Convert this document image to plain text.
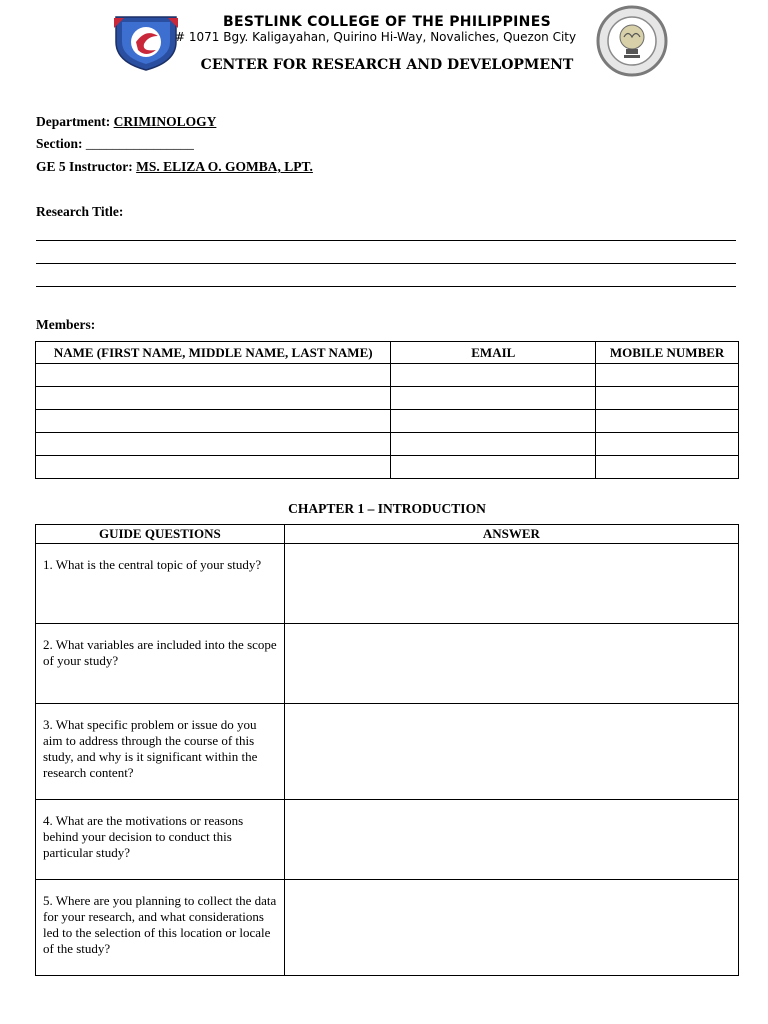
BESTLINK COLLEGE OF THE PHILIPPINES
# 1071 Bgy. Kaligayahan, Quirino Hi-Way, Novaliches, Quezon City
CENTER FOR RESEARCH AND DEVELOPMENT
Department: CRIMINOLOGY
Section: ________________
GE 5 Instructor: MS. ELIZA O. GOMBA, LPT.
Research Title:
Members:
NAME (FIRST NAME, MIDDLE NAME, LAST NAME)	EMAIL	MOBILE NUMBER

CHAPTER 1 – INTRODUCTION
GUIDE QUESTIONS	ANSWER
1. What is the central topic of your study?	
2. What variables are included into the scope of your study?	
3. What specific problem or issue do you aim to address through the course of this study, and why is it significant within the research content?	
4. What are the motivations or reasons behind your decision to conduct this particular study?	
5. Where are you planning to collect the data for your research, and what considerations led to the selection of this location or locale of the study?	
